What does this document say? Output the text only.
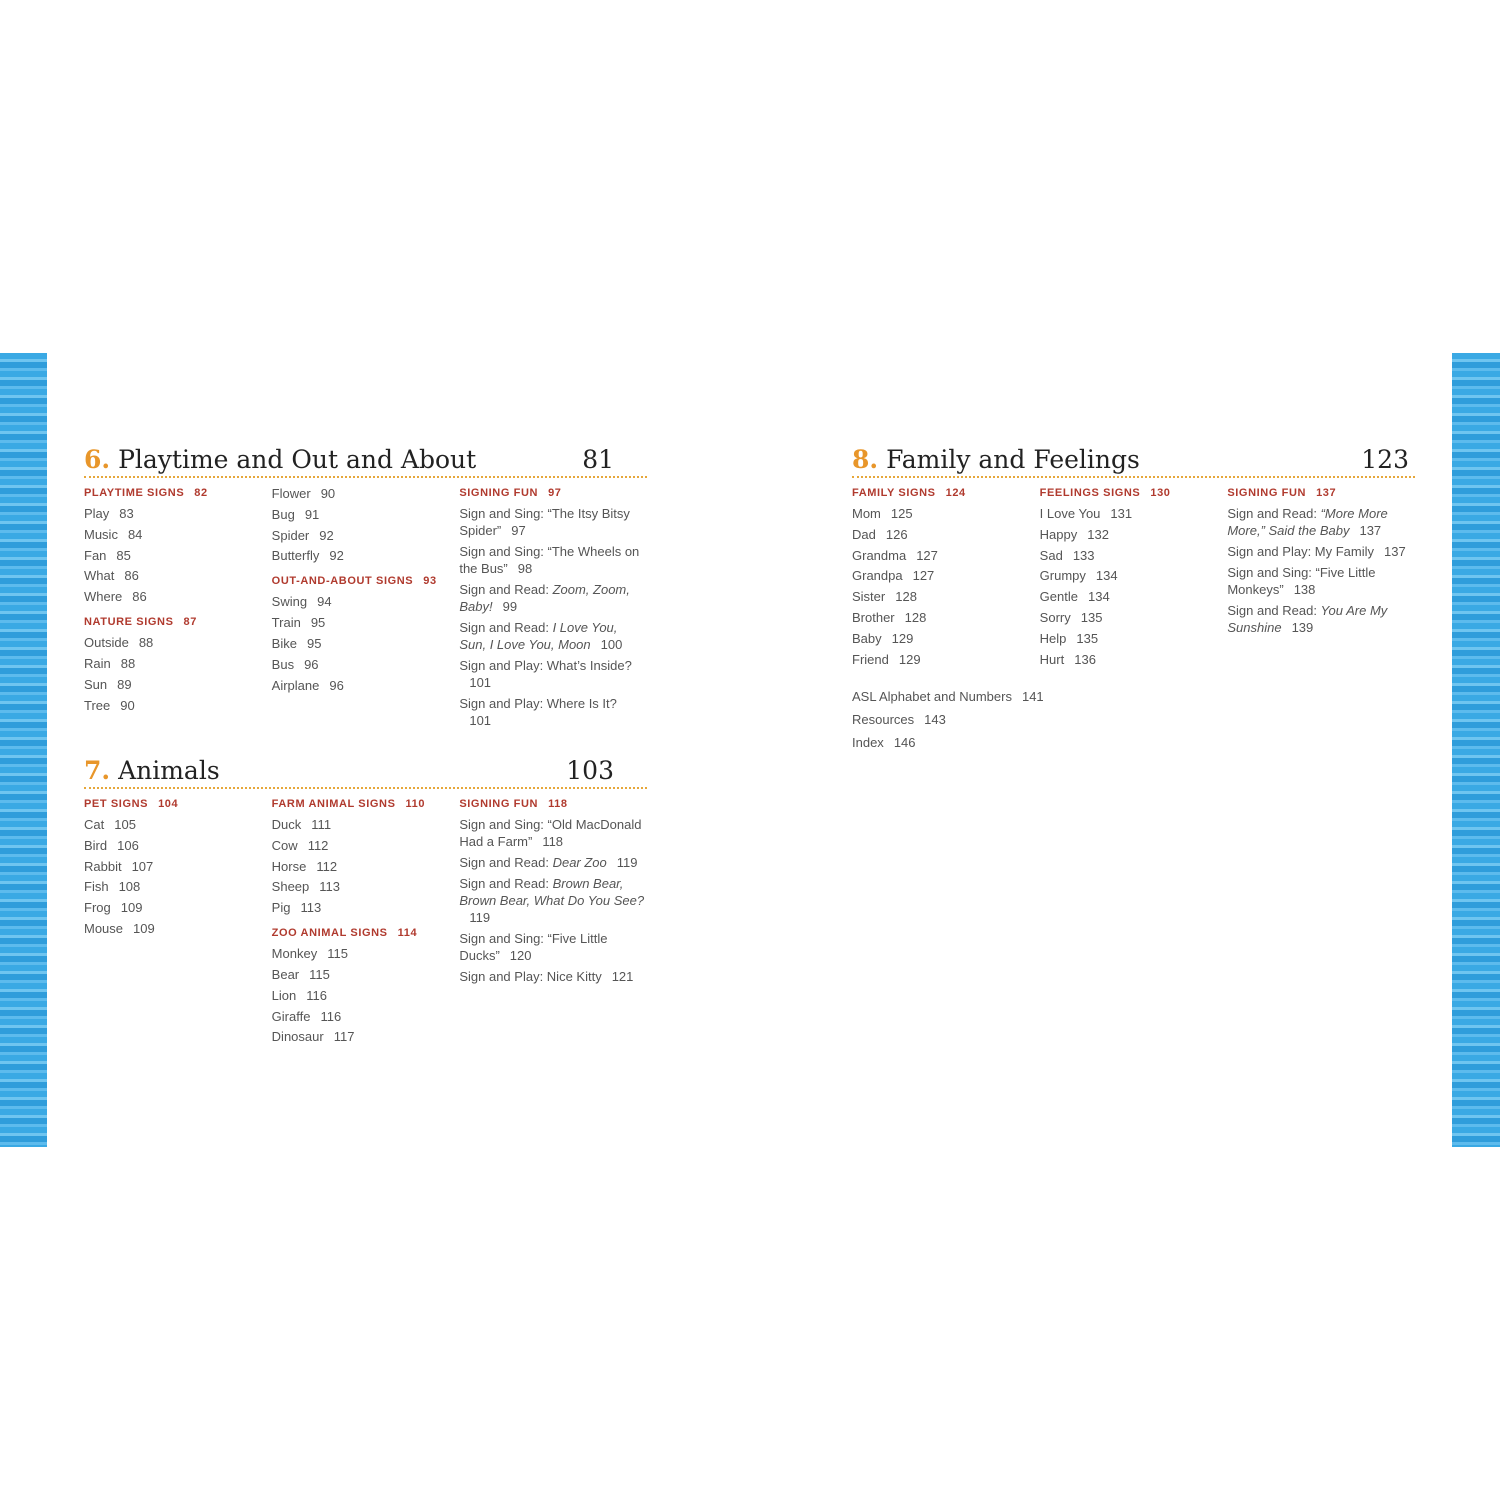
6. Playtime and Out and About	81
PLAYTIME SIGNS 82
Play 83
Music 84
Fan 85
What 86
Where 86
NATURE SIGNS 87
Outside 88
Rain 88
Sun 89
Tree 90
Flower 90
Bug 91
Spider 92
Butterfly 92
OUT-AND-ABOUT SIGNS 93
Swing 94
Train 95
Bike 95
Bus 96
Airplane 96
SIGNING FUN 97
Sign and Sing: “The Itsy Bitsy Spider” 97
Sign and Sing: “The Wheels on the Bus” 98
Sign and Read: Zoom, Zoom, Baby! 99
Sign and Read: I Love You, Sun, I Love You, Moon 100
Sign and Play: What’s Inside?101
Sign and Play: Where Is It?101
7. Animals	103
PET SIGNS 104
Cat 105
Bird 106
Rabbit 107
Fish 108
Frog 109
Mouse 109
FARM ANIMAL SIGNS 110
Duck 111
Cow 112
Horse 112
Sheep 113
Pig 113
ZOO ANIMAL SIGNS 114
Monkey 115
Bear 115
Lion 116
Giraffe 116
Dinosaur 117
SIGNING FUN 118
Sign and Sing: “Old MacDonald Had a Farm” 118
Sign and Read: Dear Zoo 119
Sign and Read: Brown Bear, Brown Bear, What Do You See?119
Sign and Sing: “Five Little Ducks” 120
Sign and Play: Nice Kitty 121
8. Family and Feelings	123
FAMILY SIGNS 124
Mom 125
Dad 126
Grandma 127
Grandpa 127
Sister 128
Brother 128
Baby 129
Friend 129
FEELINGS SIGNS 130
I Love You 131
Happy 132
Sad 133
Grumpy 134
Gentle 134
Sorry 135
Help 135
Hurt 136
SIGNING FUN 137
Sign and Read: “More More More,” Said the Baby 137
Sign and Play: My Family 137
Sign and Sing: “Five Little Monkeys” 138
Sign and Read: You Are My Sunshine 139
ASL Alphabet and Numbers 141
Resources 143
Index 146
